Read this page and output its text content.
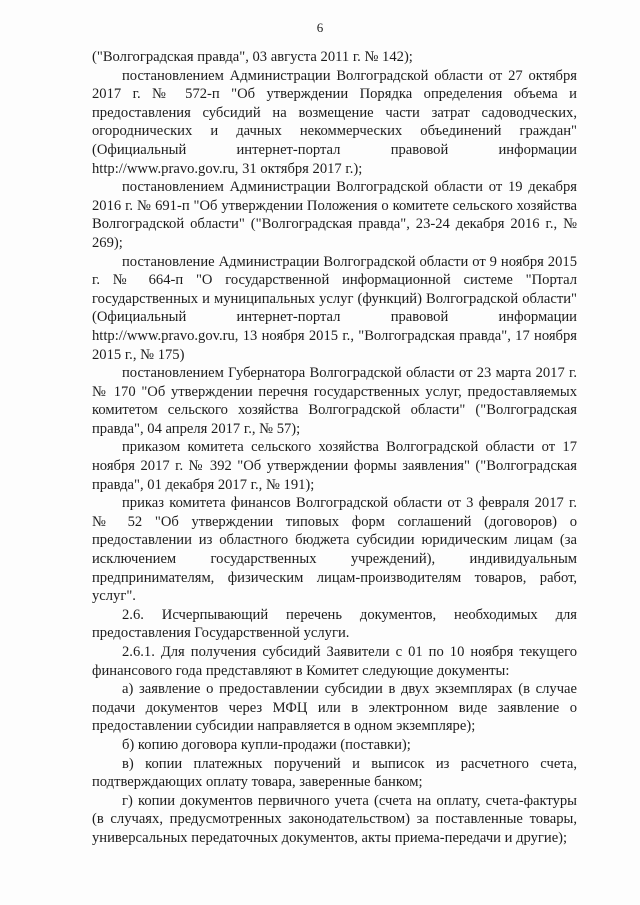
6

("Волгоградская правда", 03 августа 2011 г. № 142);

постановлением Администрации Волгоградской области от 27 октября 2017 г. № 572-п "Об утверждении Порядка определения объема и предоставления субсидий на возмещение части затрат садоводческих, огороднических и дачных некоммерческих объединений граждан" (Официальный интернет-портал правовой информации http://www.pravo.gov.ru, 31 октября 2017 г.);

постановлением Администрации Волгоградской области от 19 декабря 2016 г. № 691-п "Об утверждении Положения о комитете сельского хозяйства Волгоградской области" ("Волгоградская правда", 23-24 декабря 2016 г., № 269);

постановление Администрации Волгоградской области от 9 ноября 2015 г. № 664-п "О государственной информационной системе "Портал государственных и муниципальных услуг (функций) Волгоградской области" (Официальный интернет-портал правовой информации http://www.pravo.gov.ru, 13 ноября 2015 г., "Волгоградская правда", 17 ноября 2015 г., № 175)

постановлением Губернатора Волгоградской области от 23 марта 2017 г. № 170 "Об утверждении перечня государственных услуг, предоставляемых комитетом сельского хозяйства Волгоградской области" ("Волгоградская правда", 04 апреля 2017 г., № 57);

приказом комитета сельского хозяйства Волгоградской области от 17 ноября 2017 г. № 392 "Об утверждении формы заявления" ("Волгоградская правда", 01 декабря 2017 г., № 191);

приказ комитета финансов Волгоградской области от 3 февраля 2017 г. № 52 "Об утверждении типовых форм соглашений (договоров) о предоставлении из областного бюджета субсидии юридическим лицам (за исключением государственных учреждений), индивидуальным предпринимателям, физическим лицам-производителям товаров, работ, услуг".

2.6. Исчерпывающий перечень документов, необходимых для предоставления Государственной услуги.

2.6.1. Для получения субсидий Заявители с 01 по 10 ноября текущего финансового года представляют в Комитет следующие документы:

а) заявление о предоставлении субсидии в двух экземплярах (в случае подачи документов через МФЦ или в электронном виде заявление о предоставлении субсидии направляется в одном экземпляре);

б) копию договора купли-продажи (поставки);

в) копии платежных поручений и выписок из расчетного счета, подтверждающих оплату товара, заверенные банком;

г) копии документов первичного учета (счета на оплату, счета-фактуры (в случаях, предусмотренных законодательством) за поставленные товары, универсальных передаточных документов, акты приема-передачи и другие);
